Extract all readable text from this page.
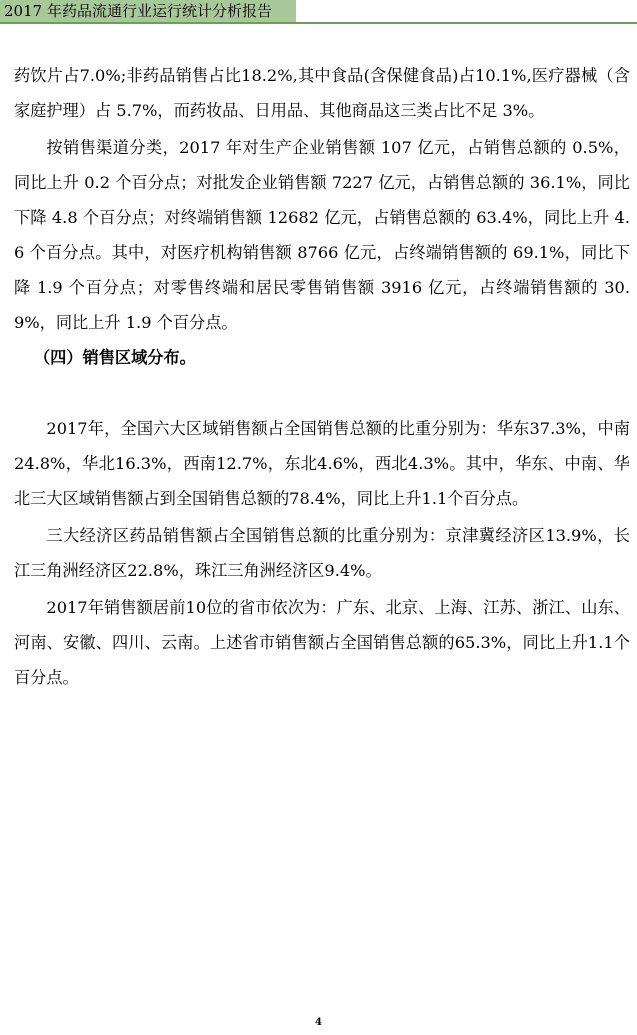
2017 年药品流通行业运行统计分析报告

药饮片占7.0%;非药品销售占比18.2%,其中食品(含保健食品)占10.1%,医疗器械（含家庭护理）占 5.7%，而药妆品、日用品、其他商品这三类占比不足 3%。

按销售渠道分类，2017 年对生产企业销售额 107 亿元，占销售总额的 0.5%，同比上升 0.2 个百分点；对批发企业销售额 7227 亿元，占销售总额的 36.1%，同比下降 4.8 个百分点；对终端销售额 12682 亿元，占销售总额的 63.4%，同比上升 4.6 个百分点。其中，对医疗机构销售额 8766 亿元，占终端销售额的 69.1%，同比下降 1.9 个百分点；对零售终端和居民零售销售额 3916 亿元，占终端销售额的 30.9%，同比上升 1.9 个百分点。

（四）销售区域分布。

2017年，全国六大区域销售额占全国销售总额的比重分别为：华东37.3%，中南24.8%，华北16.3%，西南12.7%，东北4.6%，西北4.3%。其中，华东、中南、华北三大区域销售额占到全国销售总额的78.4%，同比上升1.1个百分点。

三大经济区药品销售额占全国销售总额的比重分别为：京津冀经济区13.9%，长江三角洲经济区22.8%，珠江三角洲经济区9.4%。

2017年销售额居前10位的省市依次为：广东、北京、上海、江苏、浙江、山东、河南、安徽、四川、云南。上述省市销售额占全国销售总额的65.3%，同比上升1.1个百分点。

4
